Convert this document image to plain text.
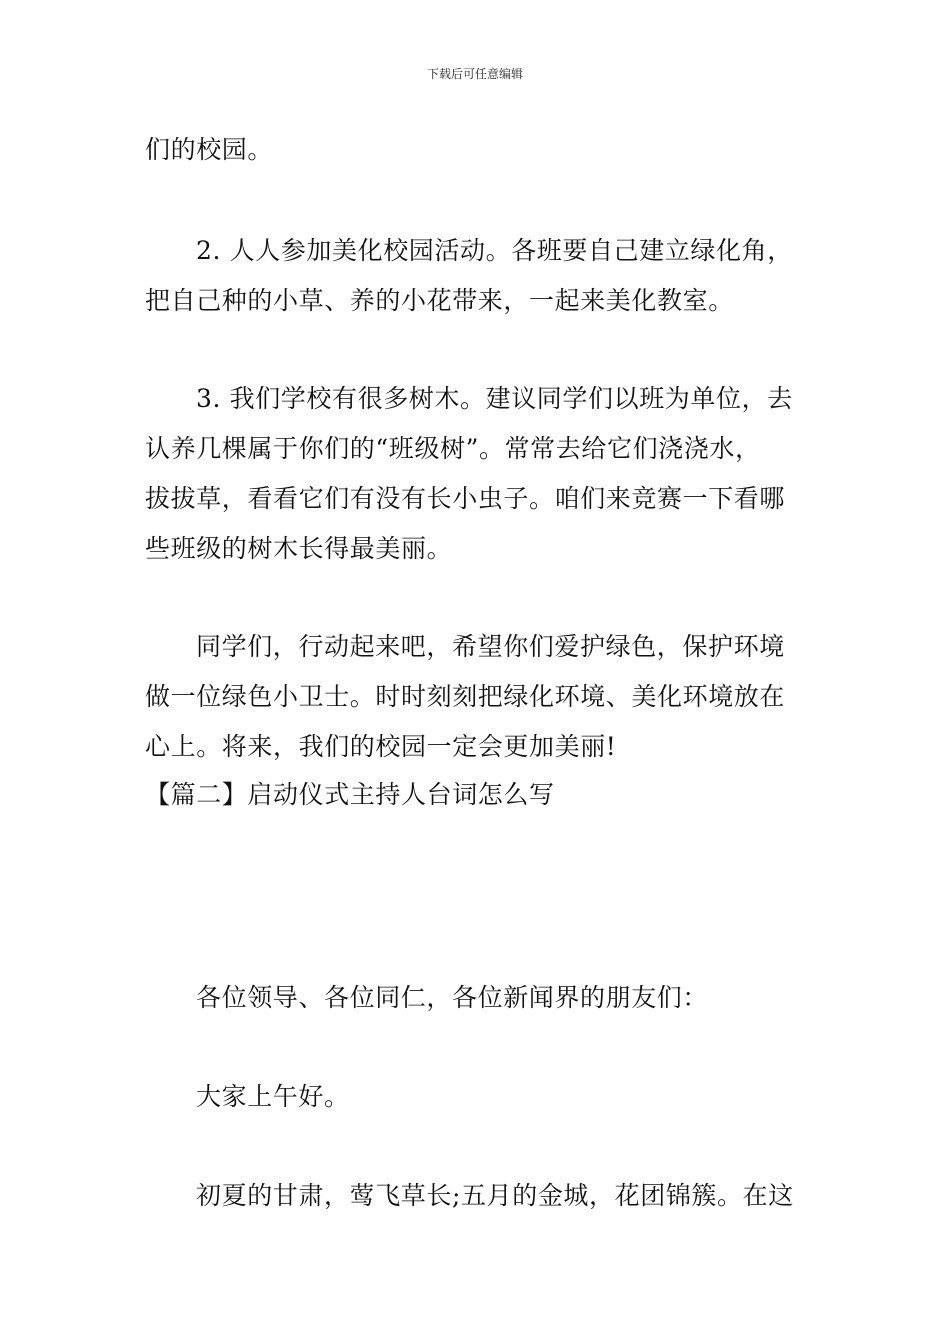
下载后可任意编辑
们的校园。
2. 人人参加美化校园活动。各班要自己建立绿化角，
把自己种的小草、养的小花带来，一起来美化教室。
3. 我们学校有很多树木。建议同学们以班为单位，去
认养几棵属于你们的“班级树”。常常去给它们浇浇水，
拔拔草，看看它们有没有长小虫子。咱们来竞赛一下看哪
些班级的树木长得最美丽。
同学们，行动起来吧，希望你们爱护绿色，保护环境
做一位绿色小卫士。时时刻刻把绿化环境、美化环境放在
心上。将来，我们的校园一定会更加美丽!
【篇二】启动仪式主持人台词怎么写
各位领导、各位同仁，各位新闻界的朋友们：
大家上午好。
初夏的甘肃，莺飞草长;五月的金城，花团锦簇。在这
